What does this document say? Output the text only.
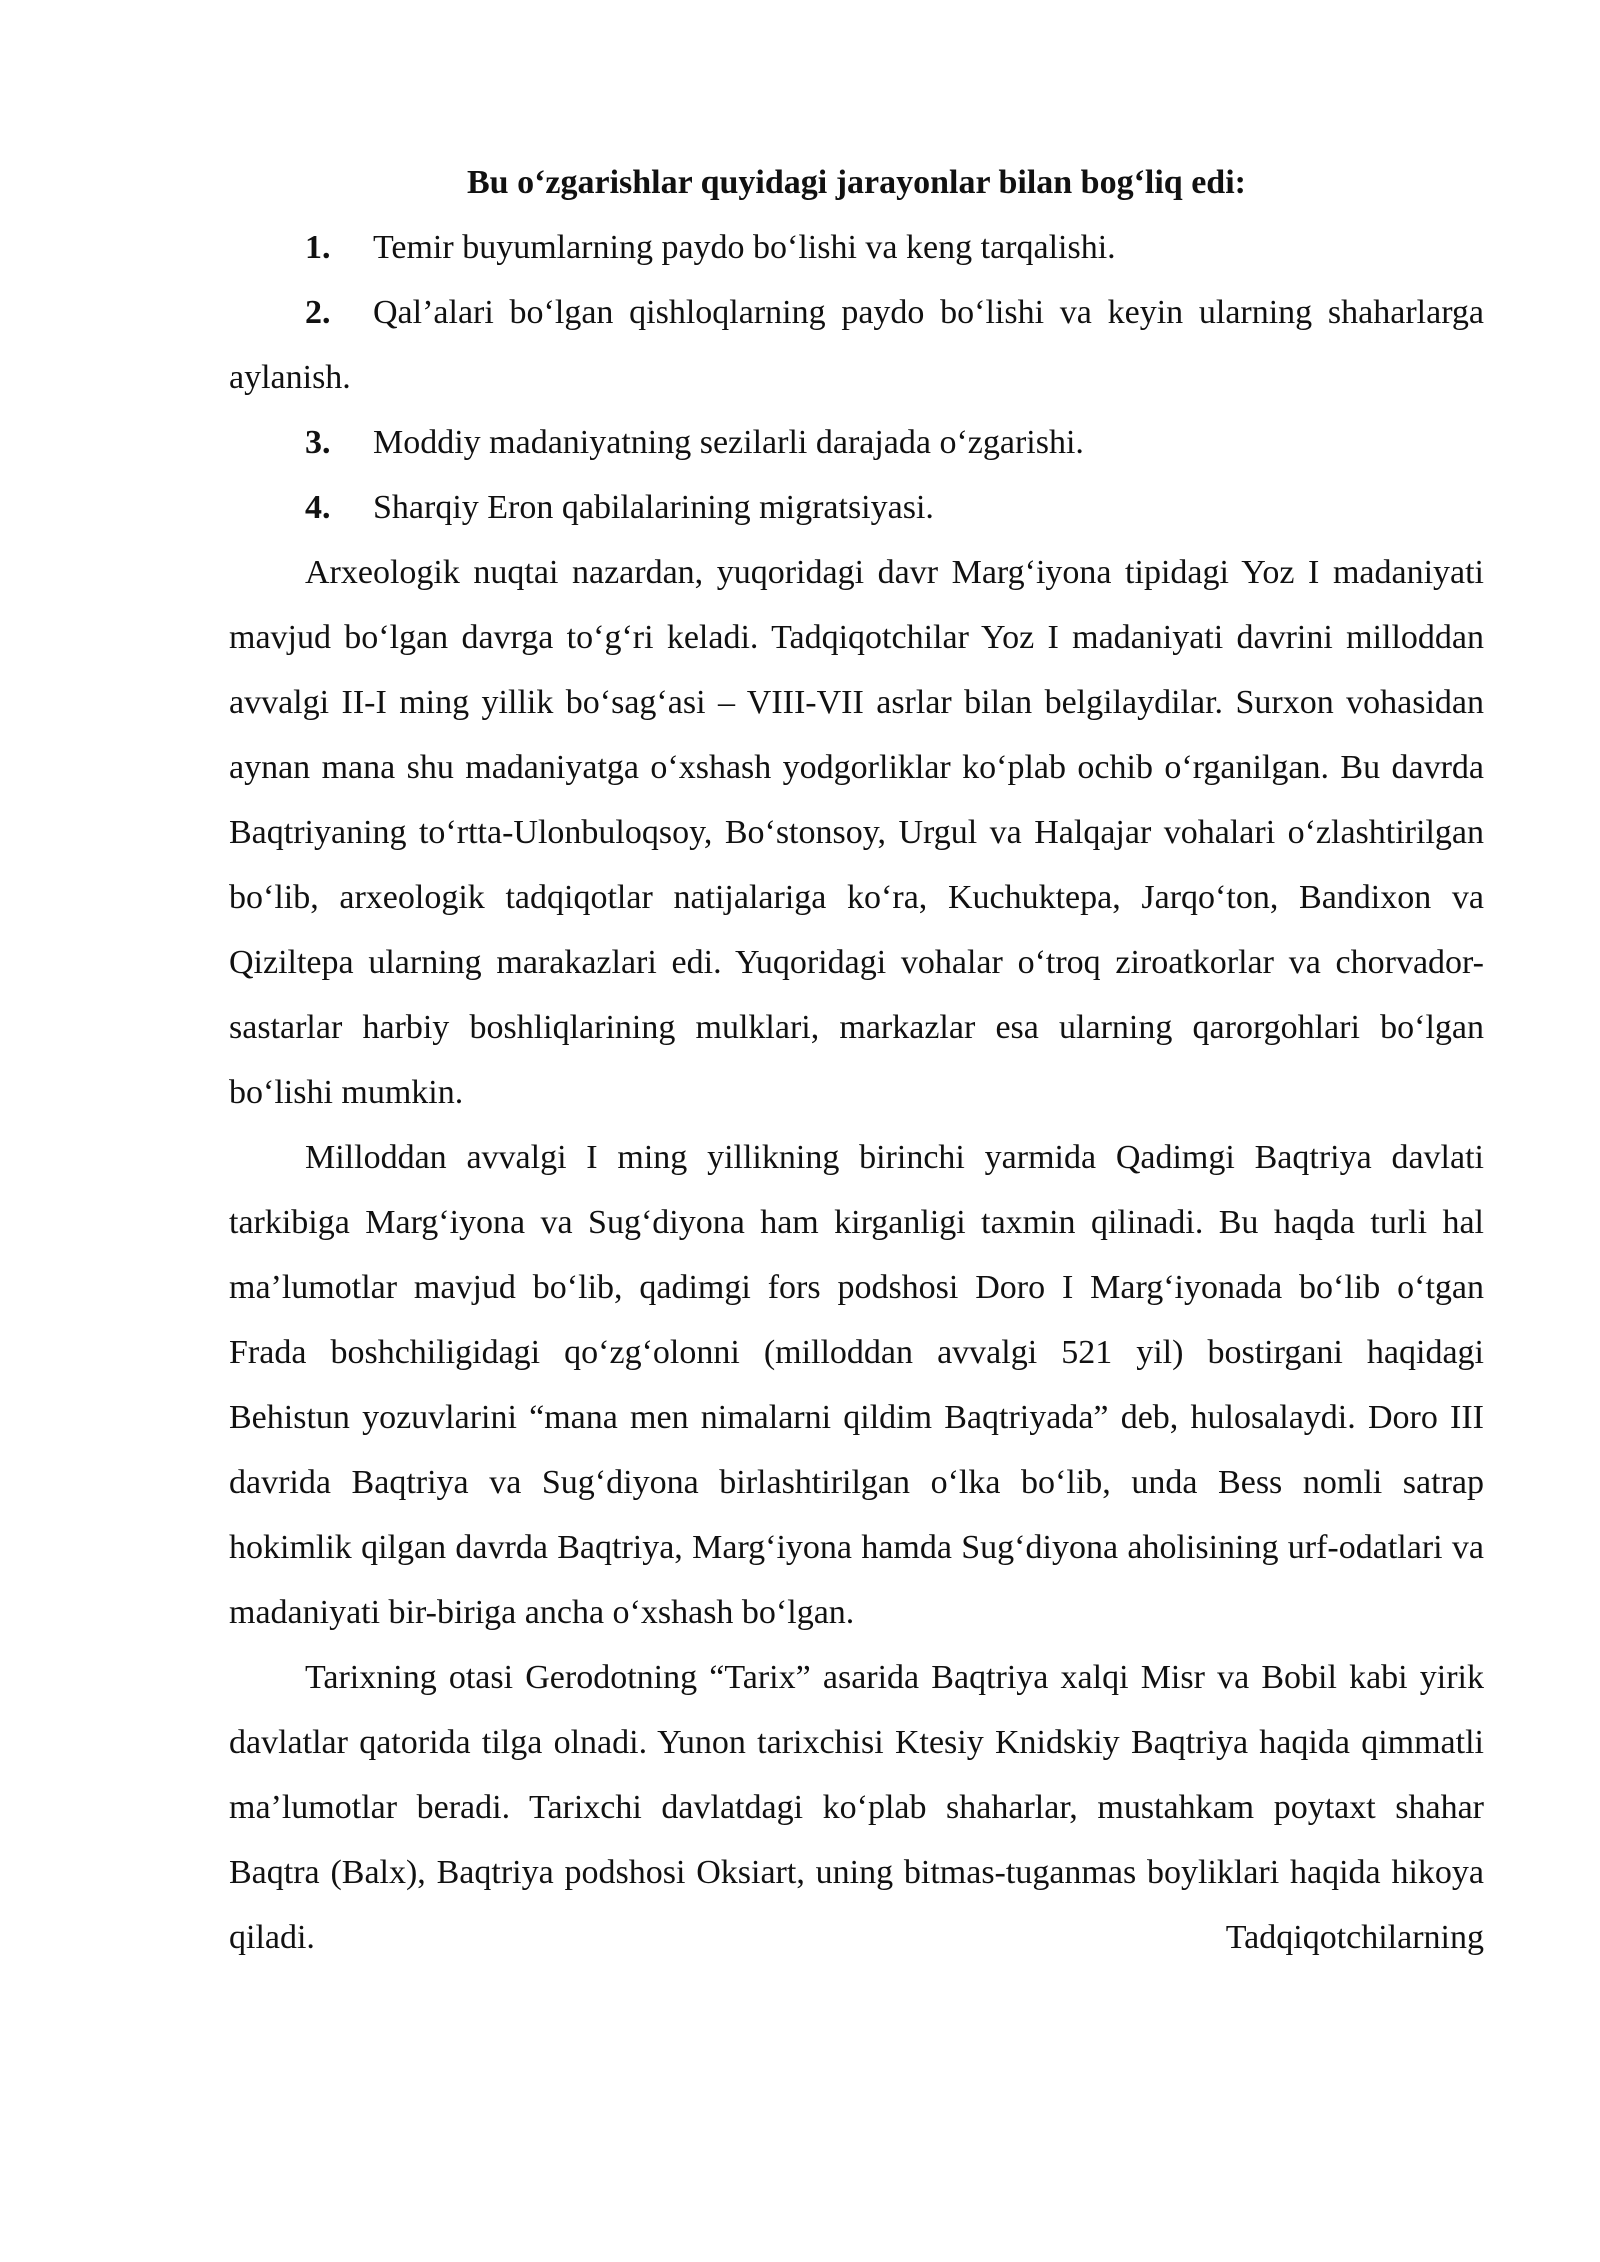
Bu o‘zgarishlar quyidagi jarayonlar bilan bog‘liq edi:

1. Temir buyumlarning paydo bo‘lishi va keng tarqalishi.

2. Qal’alari bo‘lgan qishloqlarning paydo bo‘lishi va keyin ularning shaharlarga aylanish.

3. Moddiy madaniyatning sezilarli darajada o‘zgarishi.

4. Sharqiy Eron qabilalarining migratsiyasi.

Arxeologik nuqtai nazardan, yuqoridagi davr Marg‘iyona tipidagi Yoz I madaniyati mavjud bo‘lgan davrga to‘g‘ri keladi. Tadqiqotchilar Yoz I madaniyati davrini milloddan avvalgi II-I ming yillik bo‘sag‘asi – VIII-VII asrlar bilan belgilaydilar. Surxon vohasidan aynan mana shu madaniyatga o‘xshash yodgorliklar ko‘plab ochib o‘rganilgan. Bu davrda Baqtriyaning to‘rtta-Ulonbuloqsoy, Bo‘stonsoy, Urgul va Halqajar vohalari o‘zlashtirilgan bo‘lib, arxeologik tadqiqotlar natijalariga ko‘ra, Kuchuktepa, Jarqo‘ton, Bandixon va Qiziltepa ularning marakazlari edi. Yuqoridagi vohalar o‘troq ziroatkorlar va chorvador-sastarlar harbiy boshliqlarining mulklari, markazlar esa ularning qarorgohlari bo‘lgan bo‘lishi mumkin.

Milloddan avvalgi I ming yillikning birinchi yarmida Qadimgi Baqtriya davlati tarkibiga Marg‘iyona va Sug‘diyona ham kirganligi taxmin qilinadi. Bu haqda turli hal ma’lumotlar mavjud bo‘lib, qadimgi fors podshosi Doro I Marg‘iyonada bo‘lib o‘tgan Frada boshchiligidagi qo‘zg‘olonni (milloddan avvalgi 521 yil) bostirgani haqidagi Behistun yozuvlarini “mana men nimalarni qildim Baqtriyada” deb, hulosalaydi. Doro III davrida Baqtriya va Sug‘diyona birlashtirilgan o‘lka bo‘lib, unda Bess nomli satrap hokimlik qilgan davrda Baqtriya, Marg‘iyona hamda Sug‘diyona aholisining urf-odatlari va madaniyati bir-biriga ancha o‘xshash bo‘lgan.

Tarixning otasi Gerodotning “Tarix” asarida Baqtriya xalqi Misr va Bobil kabi yirik davlatlar qatorida tilga olnadi. Yunon tarixchisi Ktesiy Knidskiy Baqtriya haqida qimmatli ma’lumotlar beradi. Tarixchi davlatdagi ko‘plab shaharlar, mustahkam poytaxt shahar Baqtra (Balx), Baqtriya podshosi Oksiart, uning bitmas-tuganmas boyliklari haqida hikoya qiladi. Tadqiqotchilarning
